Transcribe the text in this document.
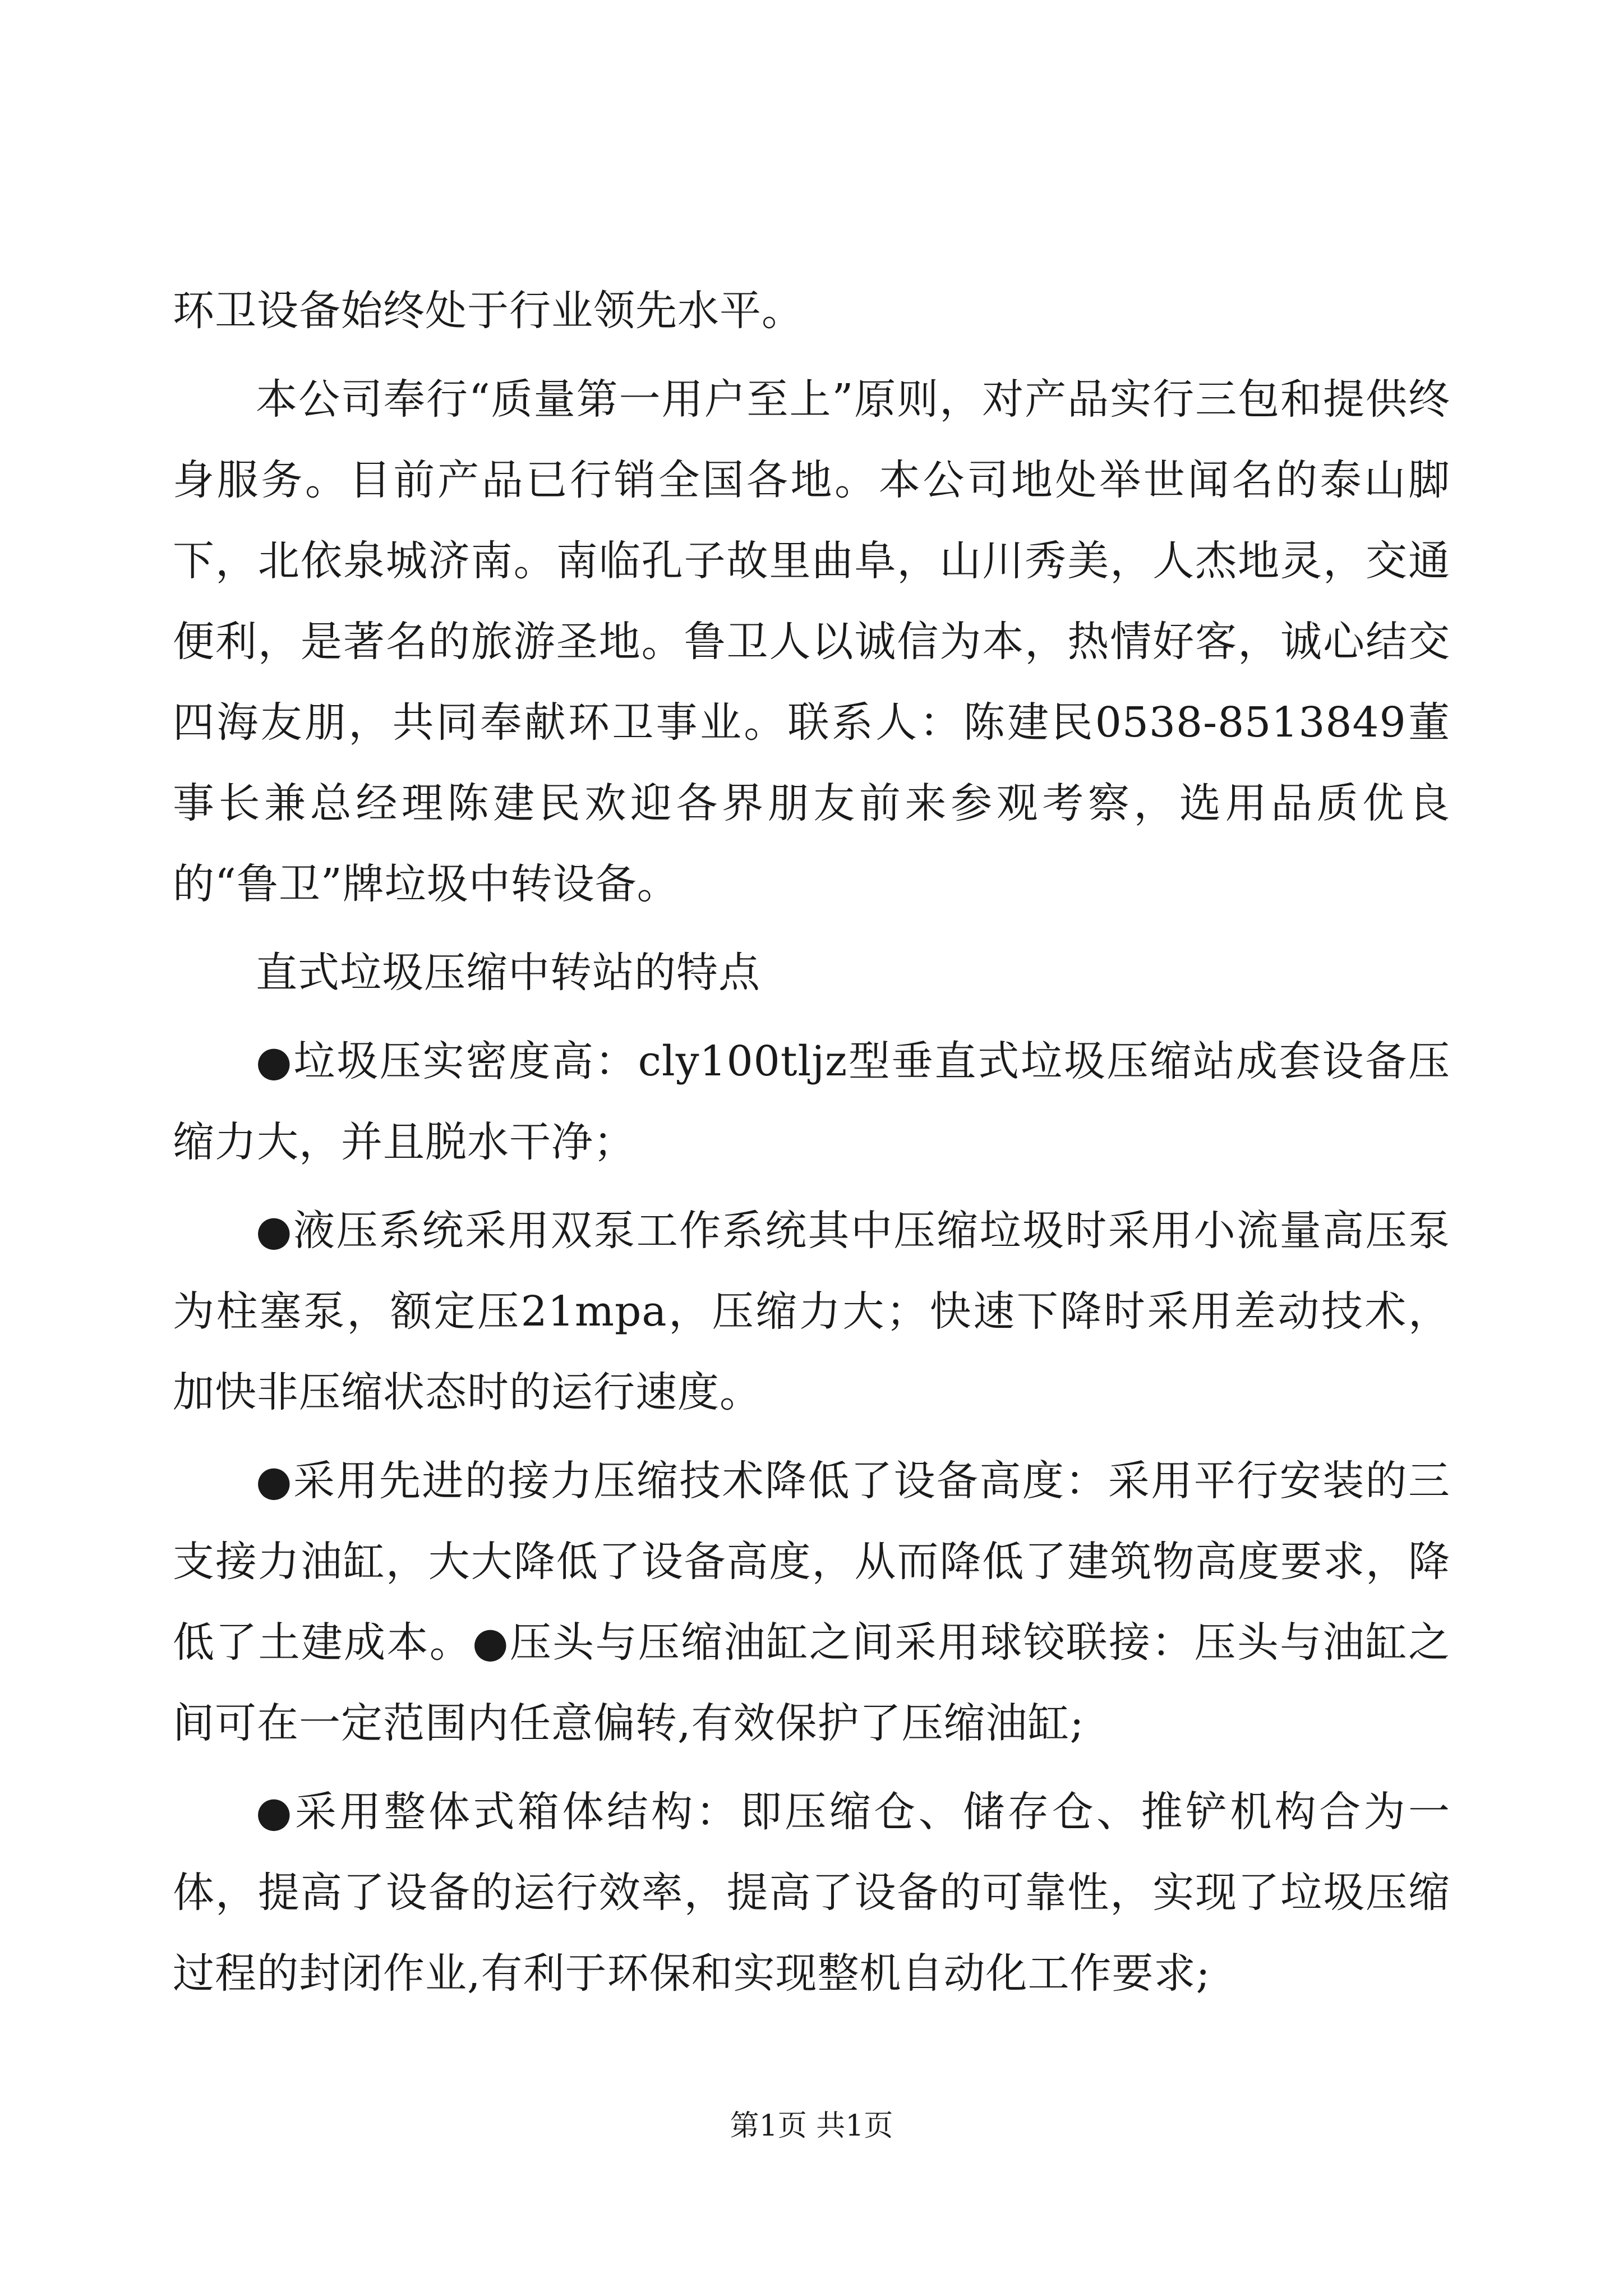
环卫设备始终处于行业领先水平。

本公司奉行“质量第一用户至上”原则，对产品实行三包和提供终身服务。目前产品已行销全国各地。本公司地处举世闻名的泰山脚下，北依泉城济南。南临孔子故里曲阜，山川秀美，人杰地灵，交通便利，是著名的旅游圣地。鲁卫人以诚信为本，热情好客，诚心结交四海友朋，共同奉献环卫事业。联系人：陈建民0538-8513849董事长兼总经理陈建民欢迎各界朋友前来参观考察，选用品质优良的“鲁卫”牌垃圾中转设备。

直式垃圾压缩中转站的特点

●垃圾压实密度高：cly100tljz型垂直式垃圾压缩站成套设备压缩力大，并且脱水干净；

●液压系统采用双泵工作系统其中压缩垃圾时采用小流量高压泵为柱塞泵，额定压21mpa，压缩力大；快速下降时采用差动技术，加快非压缩状态时的运行速度。

●采用先进的接力压缩技术降低了设备高度：采用平行安装的三支接力油缸，大大降低了设备高度，从而降低了建筑物高度要求，降低了土建成本。●压头与压缩油缸之间采用球铰联接：压头与油缸之间可在一定范围内任意偏转,有效保护了压缩油缸;

●采用整体式箱体结构：即压缩仓、储存仓、推铲机构合为一体，提高了设备的运行效率，提高了设备的可靠性，实现了垃圾压缩过程的封闭作业,有利于环保和实现整机自动化工作要求;

第1页 共1页
